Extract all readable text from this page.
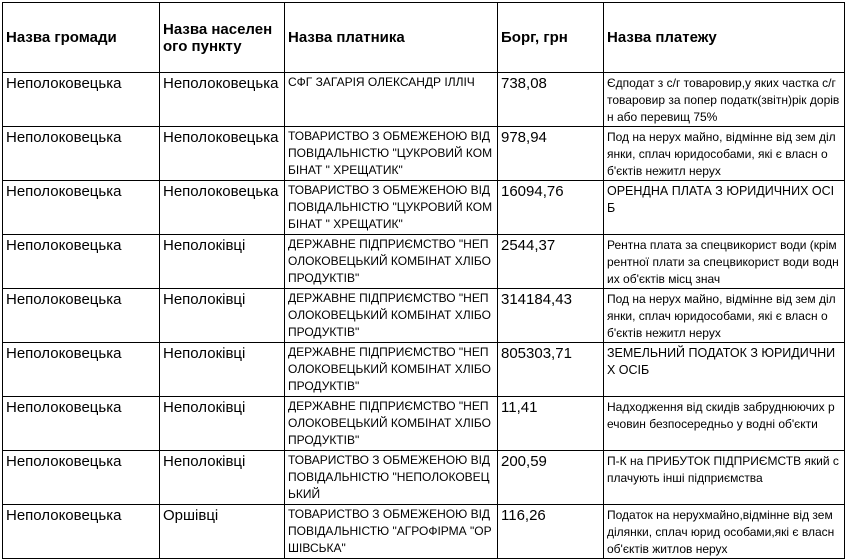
Назва громади	Назва населеного пункту	Назва платника	Борг, грн	Назва платежу
Неполоковецька	Неполоковецька	СФГ ЗАГАРІЯ ОЛЕКСАНДР ІЛЛІЧ	738,08	Єдподат з с/г товаровир,у яких частка с/г товаровир за попер податк(звітн)рік дорівн або перевищ 75%
Неполоковецька	Неполоковецька	ТОВАРИСТВО З ОБМЕЖЕНОЮ ВІДПОВІДАЛЬНІСТЮ "ЦУКРОВИЙ КОМБІНАТ " ХРЕЩАТИК"	978,94	Под на нерух майно, відмінне від зем ділянки, сплач юридособами, які є власн об'єктів нежитл нерух
Неполоковецька	Неполоковецька	ТОВАРИСТВО З ОБМЕЖЕНОЮ ВІДПОВІДАЛЬНІСТЮ "ЦУКРОВИЙ КОМБІНАТ " ХРЕЩАТИК"	16094,76	ОРЕНДНА ПЛАТА З ЮРИДИЧНИХ ОСІБ
Неполоковецька	Неполоківці	ДЕРЖАВНЕ ПІДПРИЄМСТВО "НЕПОЛОКОВЕЦЬКИЙ КОМБІНАТ ХЛІБОПРОДУКТІВ"	2544,37	Рентна плата за спецвикорист води (крім рентної плати за спецвикорист води водних об'єктів місц знач
Неполоковецька	Неполоківці	ДЕРЖАВНЕ ПІДПРИЄМСТВО "НЕПОЛОКОВЕЦЬКИЙ КОМБІНАТ ХЛІБОПРОДУКТІВ"	314184,43	Под на нерух майно, відмінне від зем ділянки, сплач юридособами, які є власн об'єктів нежитл нерух
Неполоковецька	Неполоківці	ДЕРЖАВНЕ ПІДПРИЄМСТВО "НЕПОЛОКОВЕЦЬКИЙ КОМБІНАТ ХЛІБОПРОДУКТІВ"	805303,71	ЗЕМЕЛЬНИЙ ПОДАТОК З ЮРИДИЧНИХ ОСІБ
Неполоковецька	Неполоківці	ДЕРЖАВНЕ ПІДПРИЄМСТВО "НЕПОЛОКОВЕЦЬКИЙ КОМБІНАТ ХЛІБОПРОДУКТІВ"	11,41	Надходження від скидів забруднюючих речовин безпосередньо у водні об'єкти
Неполоковецька	Неполоківці	ТОВАРИСТВО З ОБМЕЖЕНОЮ ВІДПОВІДАЛЬНІСТЮ "НЕПОЛОКОВЕЦЬКИЙ	200,59	П-К на ПРИБУТОК ПІДПРИЄМСТВ який сплачують інші підприємства
Неполоковецька	Оршівці	ТОВАРИСТВО З ОБМЕЖЕНОЮ ВІДПОВІДАЛЬНІСТЮ "АГРОФІРМА "ОРШІВСЬКА"	116,26	Податок на нерухмайно,відмінне від зем ділянки, сплач юрид особами,які є власн об'єктів житлов нерух
